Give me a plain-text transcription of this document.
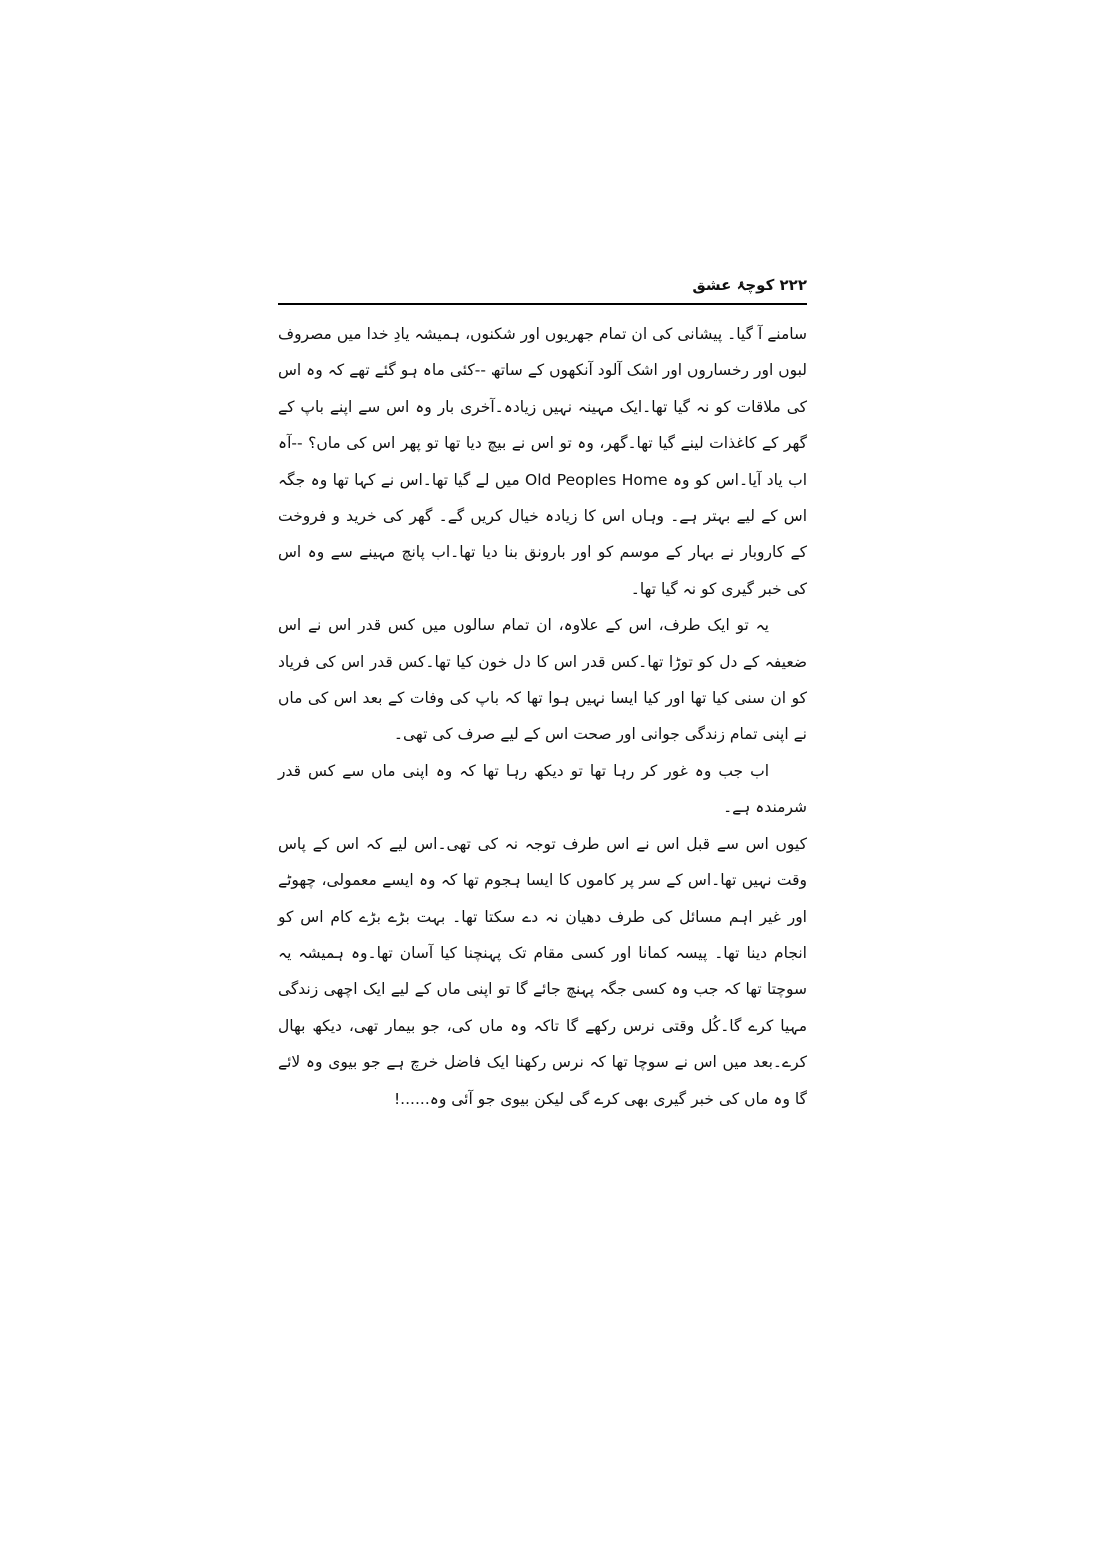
۲۲۲ کوچۂ عشق

سامنے آ گیا۔ پیشانی کی ان تمام جھریوں اور شکنوں، ہمیشہ یادِ خدا میں مصروف لبوں اور رخساروں اور اشک آلود آنکھوں کے ساتھ --کئی ماہ ہو گئے تھے کہ وہ اس کی ملاقات کو نہ گیا تھا۔ایک مہینہ نہیں زیادہ۔آخری بار وہ اس سے اپنے باپ کے گھر کے کاغذات لینے گیا تھا۔گھر، وہ تو اس نے بیچ دیا تھا تو پھر اس کی ماں؟ --آہ اب یاد آیا۔اس کو وہ Old Peoples Home میں لے گیا تھا۔اس نے کہا تھا وہ جگہ اس کے لیے بہتر ہے۔ وہاں اس کا زیادہ خیال کریں گے۔ گھر کی خرید و فروخت کے کاروبار نے بہار کے موسم کو اور بارونق بنا دیا تھا۔اب پانچ مہینے سے وہ اس کی خبر گیری کو نہ گیا تھا۔

یہ تو ایک طرف، اس کے علاوہ، ان تمام سالوں میں کس قدر اس نے اس ضعیفہ کے دل کو توڑا تھا۔کس قدر اس کا دل خون کیا تھا۔کس قدر اس کی فریاد کو ان سنی کیا تھا اور کیا ایسا نہیں ہوا تھا کہ باپ کی وفات کے بعد اس کی ماں نے اپنی تمام زندگی جوانی اور صحت اس کے لیے صرف کی تھی۔

اب جب وہ غور کر رہا تھا تو دیکھ رہا تھا کہ وہ اپنی ماں سے کس قدر شرمندہ ہے۔

کیوں اس سے قبل اس نے اس طرف توجہ نہ کی تھی۔اس لیے کہ اس کے پاس وقت نہیں تھا۔اس کے سر پر کاموں کا ایسا ہجوم تھا کہ وہ ایسے معمولی، چھوٹے اور غیر اہم مسائل کی طرف دھیان نہ دے سکتا تھا۔ بہت بڑے بڑے کام اس کو انجام دینا تھا۔ پیسہ کمانا اور کسی مقام تک پہنچنا کیا آسان تھا۔وہ ہمیشہ یہ سوچتا تھا کہ جب وہ کسی جگہ پہنچ جائے گا تو اپنی ماں کے لیے ایک اچھی زندگی مہیا کرے گا۔کُل وقتی نرس رکھے گا تاکہ وہ ماں کی، جو بیمار تھی، دیکھ بھال کرے۔بعد میں اس نے سوچا تھا کہ نرس رکھنا ایک فاضل خرچ ہے جو بیوی وہ لائے گا وہ ماں کی خبر گیری بھی کرے گی لیکن بیوی جو آئی وہ......!
